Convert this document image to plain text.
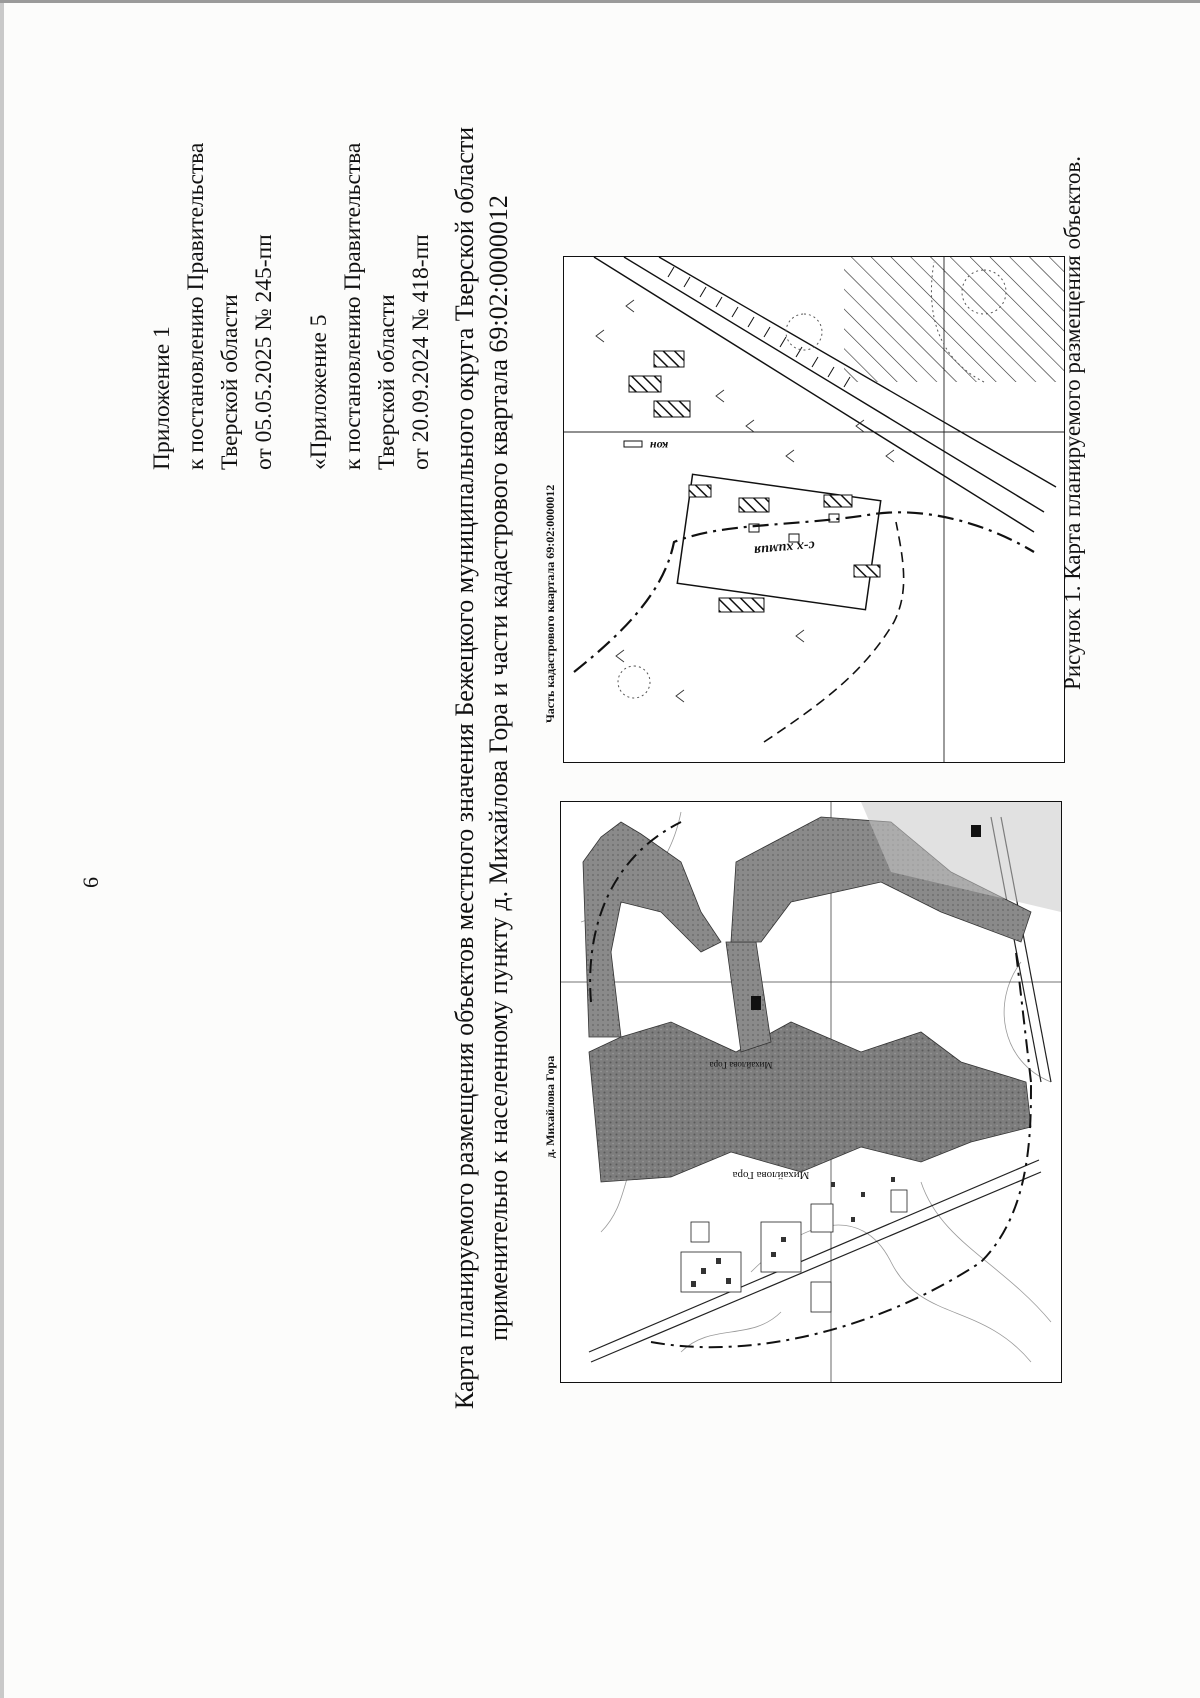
6
Приложение 1 к постановлению Правительства Тверской области от 05.05.2025 № 245-пп «Приложение 5 к постановлению Правительства Тверской области от 20.09.2024 № 418-пп Карта планируемого размещения объектов местного значения Бежецкого муниципального округа Тверской области применительно к населенному пункту д. Михайлова Гора и части кадастрового квартала 69:02:0000012	д. Михайлова Гора
Михайлова Гора
Михайлова Гора
Часть кадастрового квартала 69:02:0000012	с-х химия
кон	Рисунок 1. Карта планируемого размещения объектов.
